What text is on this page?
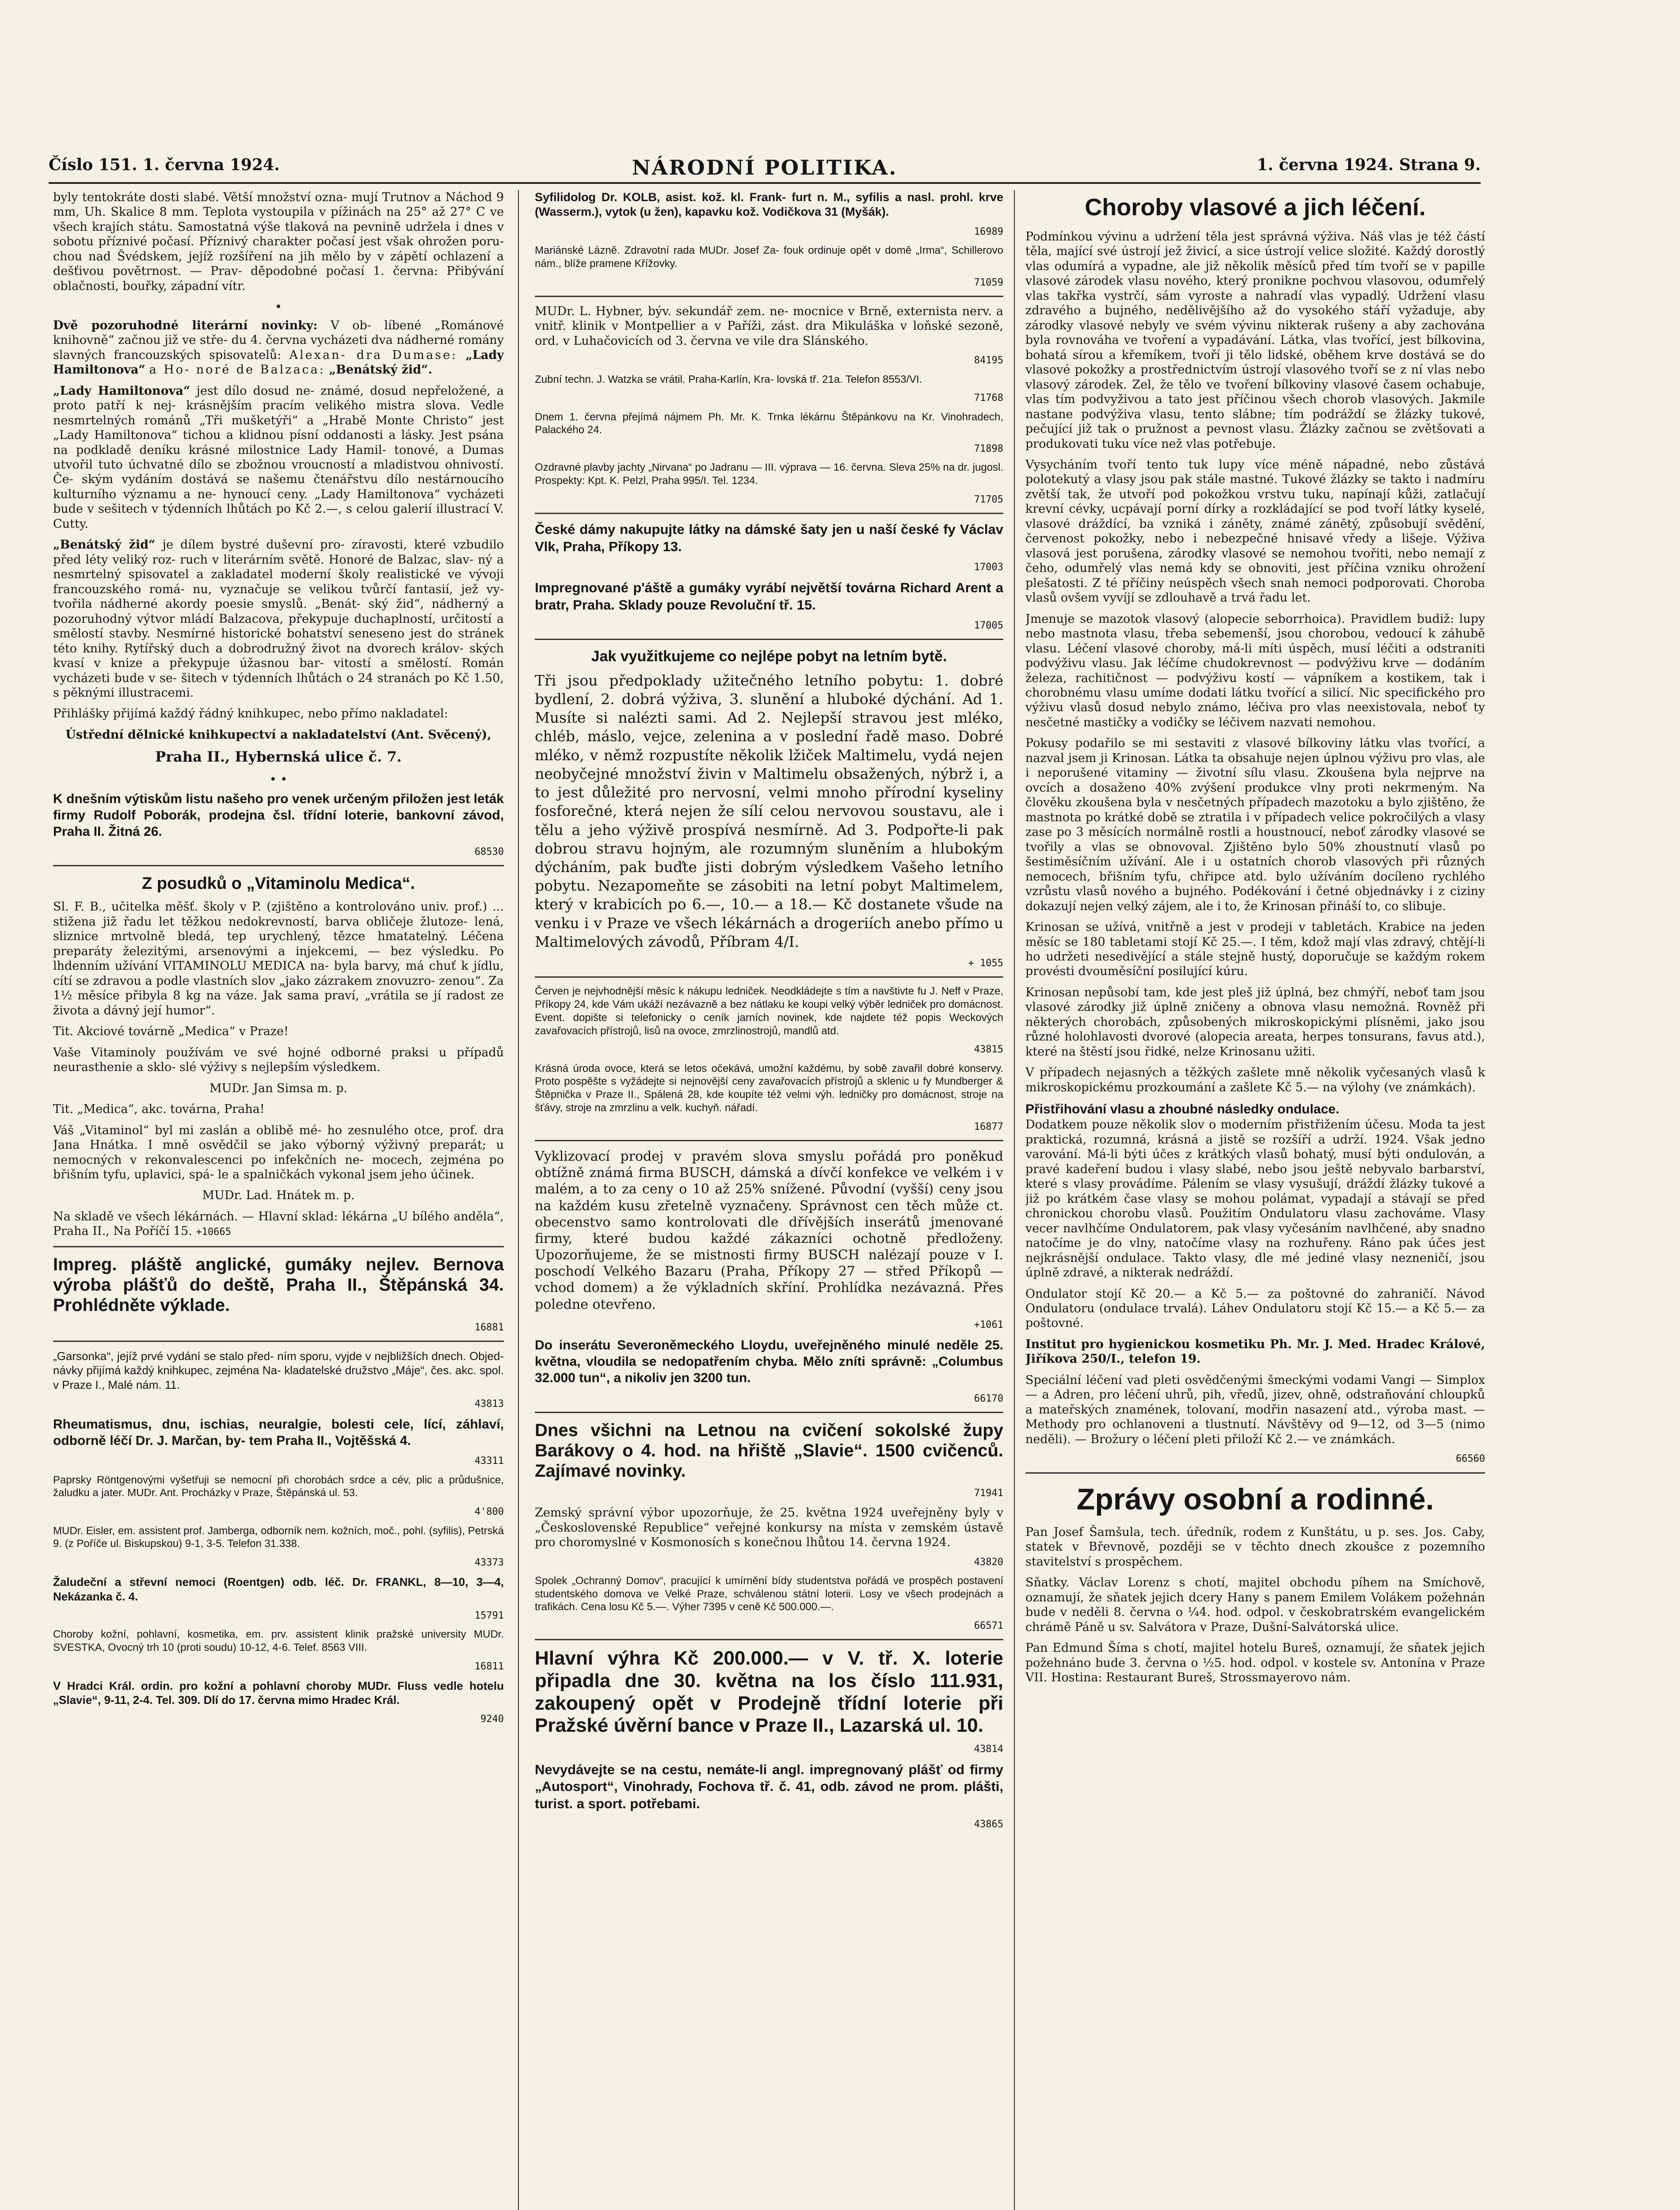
Číslo 151. 1. června 1924.	NÁRODNÍ POLITIKA.	1. června 1924. Strana 9.

byly tentokráte dosti slabé. Větší množství ozna- mují Trutnov a Náchod 9 mm, Uh. Skalice 8 mm. Teplota vystoupila v pížinách na 25° až 27° C ve všech krajích státu. Samostatná výše tlaková na pevnině udržela i dnes v sobotu příznivé počasí. Příznivý charakter počasí jest však ohrožen poru- chou nad Švédskem, jejíž rozšíření na jih mělo by v zápětí ochlazení a dešťivou povětrnost. — Prav- děpodobné počasí 1. června: Přibývání oblačnosti, bouřky, západní vítr.

•

Dvě pozoruhodné literární novinky: V ob- líbené „Románové knihovně“ začnou již ve stře- du 4. června vycházeti dva nádherné romány slavných francouzských spisovatelů: Alexan- dra Dumase: „Lady Hamiltonova“ a Ho- noré de Balzaca: „Benátský žid“.

„Lady Hamiltonova“ jest dílo dosud ne- známé, dosud nepřeložené, a proto patří k nej- krásnějším pracím velikého mistra slova. Vedle nesmrtelných románů „Tři mušketýři“ a „Hrabě Monte Christo“ jest „Lady Hamiltonova“ tichou a klidnou písní oddanosti a lásky. Jest psána na podkladě deníku krásné milostnice Lady Hamil- tonové, a Dumas utvořil tuto úchvatné dílo se zbožnou vroucností a mladistvou ohnivostí. Če- ským vydáním dostává se našemu čtenářstvu dílo nestárnoucího kulturního významu a ne- hynoucí ceny. „Lady Hamiltonova“ vycházeti bude v sešitech v týdenních lhůtách po Kč 2.—, s celou galerií illustrací V. Cutty.

„Benátský žid“ je dílem bystré duševní pro- zíravosti, které vzbudilo před léty veliký roz- ruch v literárním světě. Honoré de Balzac, slav- ný a nesmrtelný spisovatel a zakladatel moderní školy realistické ve vývoji francouzského romá- nu, vyznačuje se velikou tvůrčí fantasií, jež vy- tvořila nádherné akordy poesie smyslů. „Benát- ský žid“, nádherný a pozoruhodný výtvor mládí Balzacova, překypuje duchaplností, určitostí a smělostí stavby. Nesmírné historické bohatství seneseno jest do stránek této knihy. Rytířský duch a dobrodružný život na dvorech králov- ských kvasí v knize a překypuje úžasnou bar- vitostí a smělostí. Román vycházeti bude v se- šitech v týdenních lhůtách o 24 stranách po Kč 1.50, s pěknými illustracemi.

Přihlášky přijímá každý řádný knihkupec, nebo přímo nakladatel:

Ústřední dělnické knihkupectví a nakladatelství (Ant. Svěcený),

Praha II., Hybernská ulice č. 7.

• •

K dnešním výtiskům listu našeho pro venek určeným přiložen jest leták firmy Rudolf Poborák, prodejna čsl. třídní loterie, bankovní závod, Praha II. Žitná 26.

68530

Z posudků o „Vitaminolu Medica“.

Sl. F. B., učitelka měšť. školy v P. (zjištěno a kontrolováno univ. prof.) ... stižena již řadu let těžkou nedokrevností, barva obličeje žlutoze- lená, sliznice mrtvolně bledá, tep urychlený, tězce hmatatelný. Léčena preparáty železitými, arsenovými a injekcemi, — bez výsledku. Po lhdenním užívání VITAMINOLU MEDICA na- byla barvy, má chuť k jídlu, cítí se zdravou a podle vlastních slov „jako zázrakem znovuzro- zenou“. Za 1½ měsíce přibyla 8 kg na váze. Jak sama praví, „vrátila se jí radost ze života a dávný její humor“.

Tit. Akciové továrně „Medica“ v Praze!

Vaše Vitaminoly používám ve své hojné odborné praksi u případů neurasthenie a sklo- slé výživy s nejlepším výsledkem.

MUDr. Jan Simsa m. p.

Tit. „Medica“, akc. továrna, Praha!

Váš „Vitaminol“ byl mi zaslán a oblibě mé- ho zesnulého otce, prof. dra Jana Hnátka. I mně osvědčil se jako výborný výživný preparát; u nemocných v rekonvalescenci po infekčních ne- mocech, zejména po břišním tyfu, uplavici, spá- le a spalničkách vykonal jsem jeho účinek.

MUDr. Lad. Hnátek m. p.

Na skladě ve všech lékárnách. — Hlavní sklad: lékárna „U bílého anděla“, Praha II., Na Poříčí 15. +10665

Impreg. pláště anglické, gumáky nejlev. Bernova výroba plášťů do deště, Praha II., Štěpánská 34. Prohlédněte výklade.

16881

„Garsonka“, jejíž prvé vydání se stalo před- ním sporu, vyjde v nejbližších dnech. Objed- návky přijímá každý knihkupec, zejména Na- kladatelské družstvo „Máje“, čes. akc. spol. v Praze I., Malé nám. 11.

43813

Rheumatismus, dnu, ischias, neuralgie, bolesti cele, lící, záhlaví, odborně léčí Dr. J. Marčan, by- tem Praha II., Vojtěšská 4.

43311

Paprsky Röntgenovými vyšetřuji se nemocní při chorobách srdce a cév, plic a průdušnice, žaludku a jater. MUDr. Ant. Procházky v Praze, Štěpánská ul. 53.

4'800

MUDr. Eisler, em. assistent prof. Jamberga, odborník nem. kožních, moč., pohl. (syfilis), Petrská 9. (z Poříče ul. Biskupskou) 9-1, 3-5. Telefon 31.338.

43373

Žaludeční a střevní nemoci (Roentgen) odb. léč. Dr. FRANKL, 8—10, 3—4, Nekázanka č. 4.

15791

Choroby kožní, pohlavní, kosmetika, em. prv. assistent klinik pražské university MUDr. SVESTKA, Ovocný trh 10 (proti soudu) 10-12, 4-6. Telef. 8563 VIII.

16811

V Hradci Král. ordin. pro kožní a pohlavní choroby MUDr. Fluss vedle hotelu „Slavie“, 9-11, 2-4. Tel. 309. Dlí do 17. června mimo Hradec Král.

9240

Syfilidolog Dr. KOLB, asist. kož. kl. Frank- furt n. M., syfilis a nasl. prohl. krve (Wasserm.), vytok (u žen), kapavku kož. Vodičkova 31 (Myšák).

16989

Mariánské Lázně. Zdravotní rada MUDr. Josef Za- fouk ordinuje opět v domě „Irma“, Schillerovo nám., blíže pramene Křížovky.

71059

MUDr. L. Hybner, býv. sekundář zem. ne- mocnice v Brně, externista nerv. a vnitř. klinik v Montpellier a v Paříži, zást. dra Mikuláška v loňské sezoně, ord. v Luhačovicích od 3. června ve vile dra Slánského.

84195

Zubní techn. J. Watzka se vrátil. Praha-Karlín, Kra- lovská tř. 21a. Telefon 8553/VI.

71768

Dnem 1. června přejímá nájmem Ph. Mr. K. Trnka lékárnu Štěpánkovu na Kr. Vinohradech, Palackého 24.

71898

Ozdravné plavby jachty „Nirvana“ po Jadranu — III. výprava — 16. června. Sleva 25% na dr. jugosl. Prospekty: Kpt. K. Pelzl, Praha 995/I. Tel. 1234.

71705

České dámy nakupujte látky na dámské šaty jen u naší české fy Václav Vlk, Praha, Příkopy 13.

17003

Impregnované p'áště a gumáky vyrábí největší továrna Richard Arent a bratr, Praha. Sklady pouze Revoluční tř. 15.

17005

Jak využitkujeme co nejlépe pobyt na letním bytě.

Tři jsou předpoklady užitečného letního pobytu: 1. dobré bydlení, 2. dobrá výživa, 3. slunění a hluboké dýchání. Ad 1. Musíte si nalézti sami. Ad 2. Nejlepší stravou jest mléko, chléb, máslo, vejce, zelenina a v poslední řadě maso. Dobré mléko, v němž rozpustíte několik lžiček Maltimelu, vydá nejen neobyčejné množství živin v Maltimelu obsažených, nýbrž i, a to jest důležité pro nervosní, velmi mnoho přírodní kyseliny fosforečné, která nejen že sílí celou nervovou soustavu, ale i tělu a jeho výživě prospívá nesmírně. Ad 3. Podpořte-li pak dobrou stravu hojným, ale rozumným sluněním a hlubokým dýcháním, pak buďte jisti dobrým výsledkem Vašeho letního pobytu. Nezapomeňte se zásobiti na letní pobyt Maltimelem, který v krabicích po 6.—, 10.— a 18.— Kč dostanete všude na venku i v Praze ve všech lékárnách a drogeriích anebo přímo u Maltimelových závodů, Příbram 4/I.

+ 1055

Červen je nejvhodnější měsíc k nákupu ledniček. Neodkládejte s tím a navštivte fu J. Neff v Praze, Příkopy 24, kde Vám ukáží nezávazně a bez nátlaku ke koupi velký výběr ledniček pro domácnost. Event. dopište si telefonicky o ceník jarních novinek, kde najdete též popis Weckových zavařovacích přístrojů, lisů na ovoce, zmrzlinostrojů, mandlů atd.

43815

Krásná úroda ovoce, která se letos očekává, umožní každému, by sobě zavařil dobré konservy. Proto pospěšte s vyžádejte si nejnovější ceny zavařovacích přístrojů a sklenic u fy Mundberger & Štěpnička v Praze II., Spálená 28, kde koupíte též velmi výh. ledničky pro domácnost, stroje na šťávy, stroje na zmrzlinu a velk. kuchyň. nářadí.

16877

Vyklizovací prodej v pravém slova smyslu pořádá pro poněkud obtížně známá firma BUSCH, dámská a dívčí konfekce ve velkém i v malém, a to za ceny o 10 až 25% snížené. Původní (vyšší) ceny jsou na každém kusu zřetelně vyznačeny. Správnost cen těch může ct. obecenstvo samo kontrolovati dle dřívějších inserátů jmenované firmy, které budou každé zákazníci ochotně předloženy. Upozorňujeme, že se mistnosti firmy BUSCH nalézají pouze v I. poschodí Velkého Bazaru (Praha, Příkopy 27 — střed Příkopů — vchod domem) a že výkladních skříní. Prohlídka nezávazná. Přes poledne otevřeno.

+1061

Do inserátu Severoněmeckého Lloydu, uveřejněného minulé neděle 25. května, vloudila se nedopatřením chyba. Mělo zníti správně: „Columbus 32.000 tun“, a nikoliv jen 3200 tun.

66170

Dnes všichni na Letnou na cvičení sokolské župy Barákovy o 4. hod. na hřiště „Slavie“. 1500 cvičenců. Zajímavé novinky.

71941

Zemský správní výbor upozorňuje, že 25. května 1924 uveřejněny byly v „Československé Republice“ veřejné konkursy na místa v zemském ústavě pro choromyslné v Kosmonosích s konečnou lhůtou 14. června 1924.

43820

Spolek „Ochranný Domov“, pracující k umírnění bídy studentstva pořádá ve prospěch postavení studentského domova ve Velké Praze, schválenou státní loterii. Losy ve všech prodejnách a trafikách. Cena losu Kč 5.—. Výher 7395 v ceně Kč 500.000.—.

66571

Hlavní výhra Kč 200.000.— v V. tř. X. loterie připadla dne 30. května na los číslo 111.931, zakoupený opět v Prodejně třídní loterie při Pražské úvěrní bance v Praze II., Lazarská ul. 10.

43814

Nevydávejte se na cestu, nemáte-li angl. impregnovaný plášť od firmy „Autosport“, Vinohrady, Fochova tř. č. 41, odb. závod ne prom. plášti, turist. a sport. potřebami.

43865

Choroby vlasové a jich léčení.

Podmínkou vývinu a udržení těla jest správná výživa. Náš vlas je též částí těla, mající své ústrojí jež živicí, a sice ústrojí velice složité. Každý dorostlý vlas odumírá a vypadne, ale již několik měsíců před tím tvoří se v papille vlasové zárodek vlasu nového, který pronikne pochvou vlasovou, odumřelý vlas takřka vystrčí, sám vyroste a nahradí vlas vypadlý. Udržení vlasu zdravého a bujného, nedělivějšího až do vysokého stáří vyžaduje, aby zárodky vlasové nebyly ve svém vývinu nikterak rušeny a aby zachována byla rovnováha ve tvoření a vypadávání. Látka, vlas tvořící, jest bílkovina, bohatá sírou a křemíkem, tvoří ji tělo lidské, oběhem krve dostává se do vlasové pokožky a prostřednictvím ústrojí vlasového tvoří se z ní vlas nebo vlasový zárodek. Zel, že tělo ve tvoření bílkoviny vlasové časem ochabuje, vlas tím podvyživou a tato jest příčinou všech chorob vlasových. Jakmile nastane podvýživa vlasu, tento slábne; tím podráždí se žlázky tukové, pečující již tak o pružnost a pevnost vlasu. Žlázky začnou se zvětšovati a produkovati tuku více než vlas potřebuje.

Vysycháním tvoří tento tuk lupy více méně nápadné, nebo zůstává polotekutý a vlasy jsou pak stále mastné. Tukové žlázky se takto i nadmíru zvětší tak, že utvoří pod pokožkou vrstvu tuku, napínají kůži, zatlačují krevní cévky, ucpávají porní dírky a rozkládající se pod tvoří látky kyselé, vlasové dráždící, ba vzniká i záněty, známé zánětý, způsobují svědění, červenost pokožky, nebo i nebezpečné hnisavé vředy a lišeje. Výživa vlasová jest porušena, zárodky vlasové se nemohou tvořiti, nebo nemají z čeho, odumřelý vlas nemá kdy se obnoviti, jest příčina vzniku ohrožení plešatosti. Z té příčiny neúspěch všech snah nemoci podporovati. Choroba vlasů ovšem vyvíjí se zdlouhavě a trvá řadu let.

Jmenuje se mazotok vlasový (alopecie seborrhoica). Pravidlem budiž: lupy nebo mastnota vlasu, třeba sebemenší, jsou chorobou, vedoucí k záhubě vlasu. Léčení vlasové choroby, má-li míti úspěch, musí léčiti a odstraniti podvýživu vlasu. Jak léčíme chudokrevnost — podvýživu krve — dodáním železa, rachitičnost — podvýživu kostí — vápníkem a kostikem, tak i chorobnému vlasu umíme dodati látku tvořící a silicí. Nic specifického pro výživu vlasů dosud nebylo známo, léčiva pro vlas neexistovala, neboť ty nesčetné mastičky a vodičky se léčivem nazvati nemohou.

Pokusy podařilo se mi sestaviti z vlasové bílkoviny látku vlas tvořící, a nazval jsem ji Krinosan. Látka ta obsahuje nejen úplnou výživu pro vlas, ale i neporušené vitaminy — životní sílu vlasu. Zkoušena byla nejprve na ovcích a dosaženo 40% zvýšení produkce vlny proti nekrmeným. Na člověku zkoušena byla v nesčetných případech mazotoku a bylo zjištěno, že mastnota po krátké době se ztratila i v případech velice pokročilých a vlasy zase po 3 měsících normálně rostli a houstnoucí, neboť zárodky vlasové se tvořily a vlas se obnovoval. Zjištěno bylo 50% zhoustnutí vlasů po šestiměsíčním užívání. Ale i u ostatních chorob vlasových při různých nemocech, břišním tyfu, chřipce atd. bylo užíváním docíleno rychlého vzrůstu vlasů nového a bujného. Podékování i četné objednávky i z ciziny dokazují nejen velký zájem, ale i to, že Krinosan přináší to, co slibuje.

Krinosan se užívá, vnitřně a jest v prodeji v tabletách. Krabice na jeden měsíc se 180 tabletami stojí Kč 25.—. I těm, kdož mají vlas zdravý, chtějí-li ho udržeti nesedivějící a stále stejně hustý, doporučuje se každým rokem provésti dvouměsíční posilující kúru.

Krinosan nepůsobí tam, kde jest pleš již úplná, bez chmýří, neboť tam jsou vlasové zárodky již úplně zničeny a obnova vlasu nemožná. Rovněž při některých chorobách, způsobených mikroskopickými plísněmi, jako jsou různé holohlavosti dvorové (alopecia areata, herpes tonsurans, favus atd.), které na štěstí jsou řidké, nelze Krinosanu užiti.

V případech nejasných a těžkých zašlete mně několik vyčesaných vlasů k mikroskopickému prozkoumání a zašlete Kč 5.— na výlohy (ve známkách).

Přistřihování vlasu a zhoubné následky ondulace.

Dodatkem pouze několik slov o moderním přistřižením účesu. Moda ta jest praktická, rozumná, krásná a jistě se rozšíří a udrží. 1924. Však jedno varování. Má-li býti účes z krátkých vlasů bohatý, musí býti ondulován, a pravé kadeření budou i vlasy slabé, nebo jsou ještě nebyvalo barbarství, které s vlasy provádíme. Pálením se vlasy vysušují, dráždí žlázky tukové a již po krátkém čase vlasy se mohou polámat, vypadají a stávají se před chronickou chorobu vlasů. Použitím Ondulatoru vlasu zachováme. Vlasy vecer navlhčíme Ondulatorem, pak vlasy vyčesáním navlhčené, aby snadno natočíme je do vlny, natočíme vlasy na rozhuřeny. Ráno pak účes jest nejkrásnější ondulace. Takto vlasy, dle mé jediné vlasy nezneničí, jsou úplně zdravé, a nikterak nedráždí.

Ondulator stojí Kč 20.— a Kč 5.— za poštovné do zahraničí. Návod Ondulatoru (ondulace trvalá). Láhev Ondulatoru stojí Kč 15.— a Kč 5.— za poštovné.

Institut pro hygienickou kosmetiku Ph. Mr. J. Med. Hradec Králové, Jiříkova 250/I., telefon 19.

Speciální léčení vad pleti osvědčenými šmeckými vodami Vangi — Simplox — a Adren, pro léčení uhrů, pih, vředů, jizev, ohně, odstraňování chloupků a mateřských znamének, tolovaní, modřin nasazení atd., výroba mast. — Methody pro ochlanoveni a tlustnutí. Návštěvy od 9—12, od 3—5 (nimo neděli). — Brožury o léčení pleti přiloží Kč 2.— ve známkách.

66560

Zprávy osobní a rodinné.

Pan Josef Šamšula, tech. úředník, rodem z Kunštátu, u p. ses. Jos. Caby, statek v Břevnově, později se v těchto dnech zkoušce z pozemního stavitelství s prospěchem.

Sňatky. Václav Lorenz s chotí, majitel obchodu píhem na Smíchově, oznamují, že sňatek jejich dcery Hany s panem Emilem Volákem požehnán bude v neděli 8. června o ¼4. hod. odpol. v českobratrském evangelickém chrámě Páně u sv. Salvátora v Praze, Dušní-Salvátorská ulice.

Pan Edmund Šíma s chotí, majitel hotelu Bureš, oznamují, že sňatek jejich požehnáno bude 3. června o ½5. hod. odpol. v kostele sv. Antonína v Praze VII. Hostina: Restaurant Bureš, Strossmayerovo nám.
